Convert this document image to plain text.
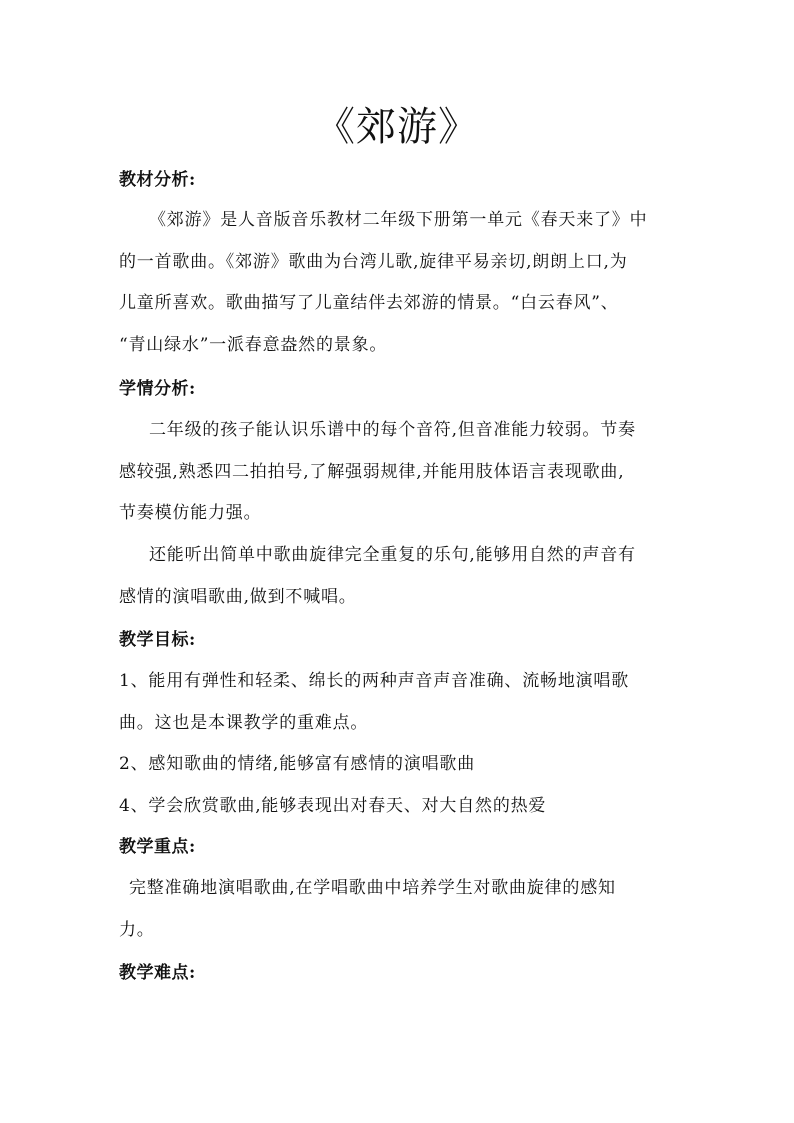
《郊游》
教材分析:
《郊游》是人音版音乐教材二年级下册第一单元《春天来了》中
的一首歌曲。《郊游》歌曲为台湾儿歌,旋律平易亲切,朗朗上口,为
儿童所喜欢。歌曲描写了儿童结伴去郊游的情景。“白云春风”、
“青山绿水”一派春意盎然的景象。
学情分析:
二年级的孩子能认识乐谱中的每个音符,但音准能力较弱。节奏
感较强,熟悉四二拍拍号,了解强弱规律,并能用肢体语言表现歌曲,
节奏模仿能力强。
还能听出简单中歌曲旋律完全重复的乐句,能够用自然的声音有
感情的演唱歌曲,做到不喊唱。
教学目标:
1、能用有弹性和轻柔、绵长的两种声音声音准确、流畅地演唱歌
曲。这也是本课教学的重难点。
2、感知歌曲的情绪,能够富有感情的演唱歌曲
4、学会欣赏歌曲,能够表现出对春天、对大自然的热爱
教学重点:
完整准确地演唱歌曲,在学唱歌曲中培养学生对歌曲旋律的感知
力。
教学难点:
